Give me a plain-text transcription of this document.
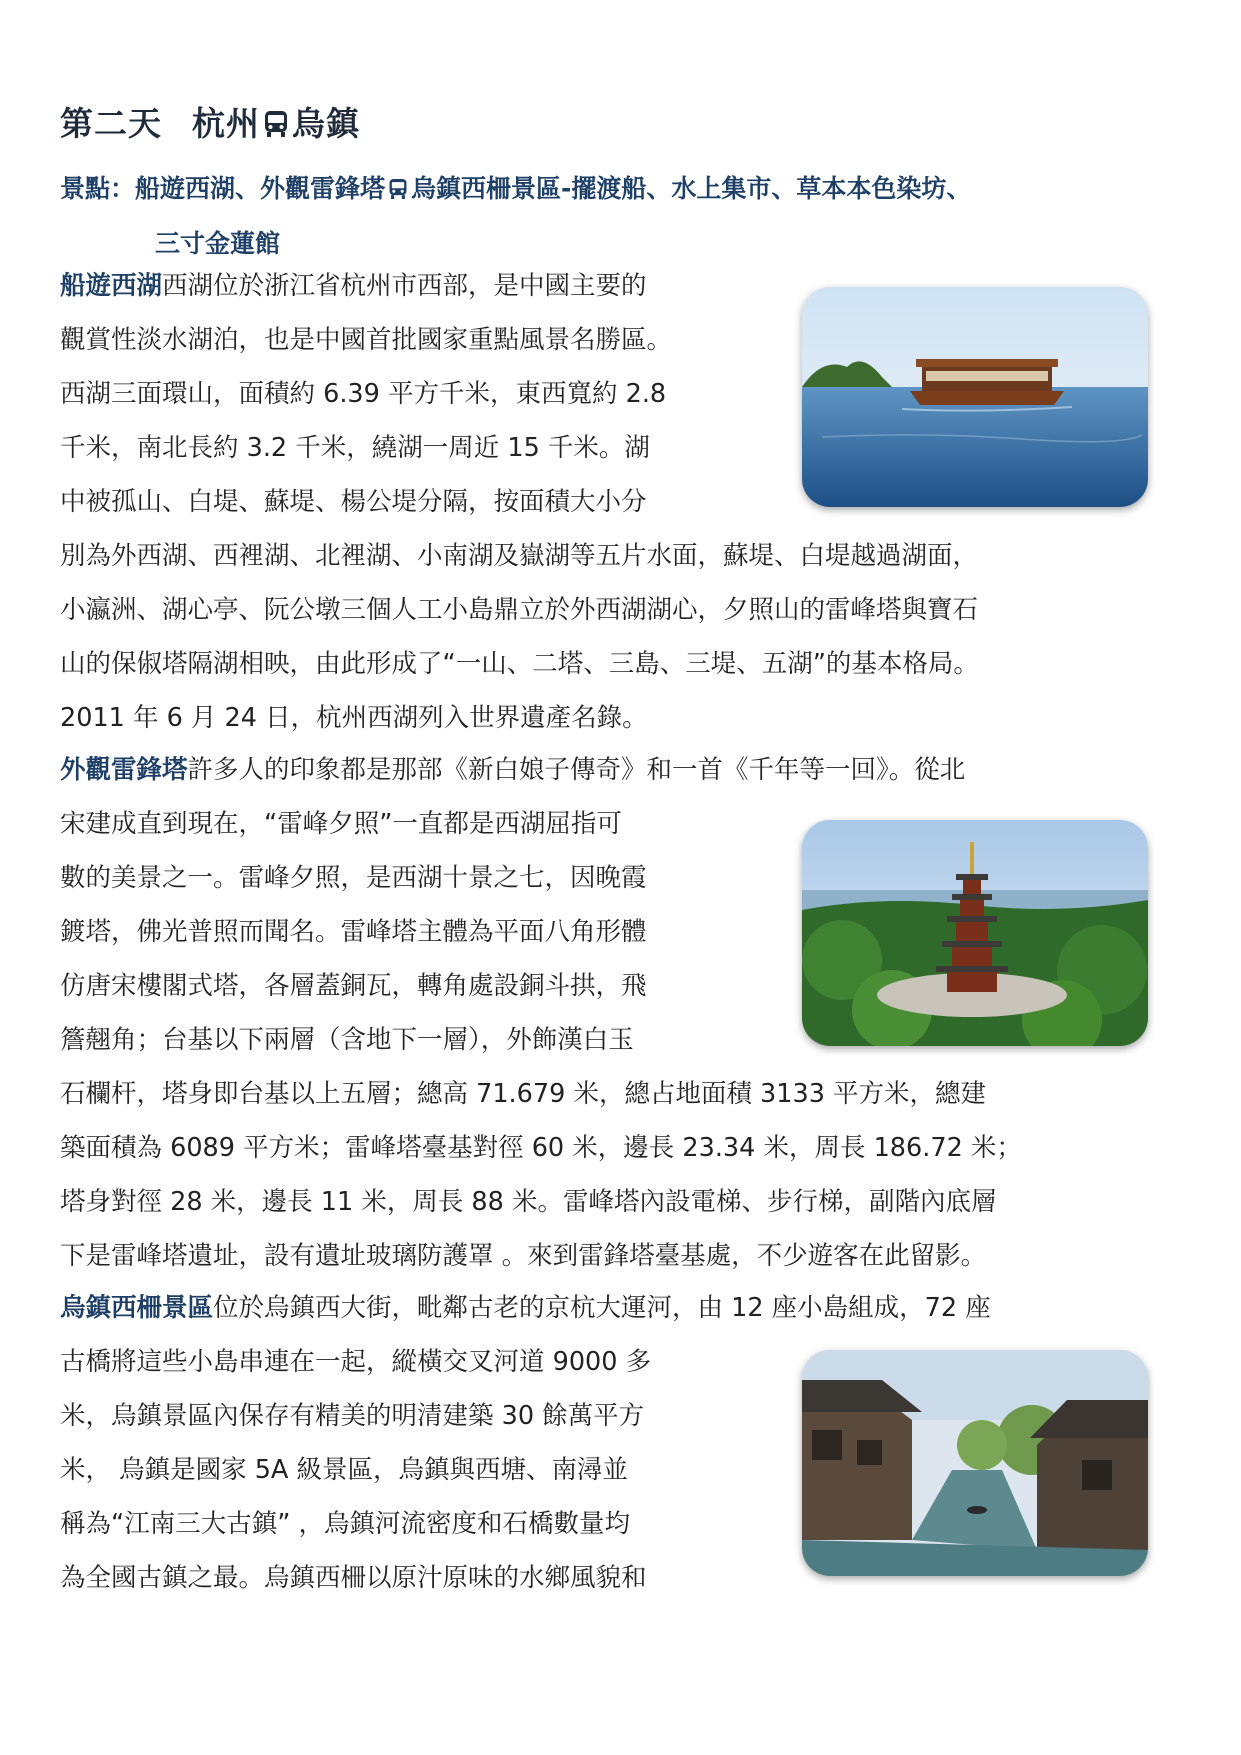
第二天 杭州 烏鎮
景點：船遊西湖、外觀雷鋒塔 烏鎮西柵景區-擺渡船、水上集市、草本本色染坊、
三寸金蓮館
船遊西湖西湖位於浙江省杭州市西部，是中國主要的
觀賞性淡水湖泊，也是中國首批國家重點風景名勝區。
西湖三面環山，面積約 6.39 平方千米，東西寬約 2.8
千米，南北長約 3.2 千米，繞湖一周近 15 千米。湖
中被孤山、白堤、蘇堤、楊公堤分隔，按面積大小分
別為外西湖、西裡湖、北裡湖、小南湖及嶽湖等五片水面，蘇堤、白堤越過湖面，
小瀛洲、湖心亭、阮公墩三個人工小島鼎立於外西湖湖心，夕照山的雷峰塔與寶石
山的保俶塔隔湖相映，由此形成了“一山、二塔、三島、三堤、五湖”的基本格局。
2011 年 6 月 24 日，杭州西湖列入世界遺產名錄。
外觀雷鋒塔許多人的印象都是那部《新白娘子傳奇》和一首《千年等一回》。從北
宋建成直到現在，“雷峰夕照”一直都是西湖屈指可
數的美景之一。雷峰夕照，是西湖十景之七，因晚霞
鍍塔，佛光普照而聞名。雷峰塔主體為平面八角形體
仿唐宋樓閣式塔，各層蓋銅瓦，轉角處設銅斗拱，飛
簷翹角；台基以下兩層（含地下一層），外飾漢白玉
石欄杆，塔身即台基以上五層；總高 71.679 米，總占地面積 3133 平方米，總建
築面積為 6089 平方米；雷峰塔臺基對徑 60 米，邊長 23.34 米，周長 186.72 米；
塔身對徑 28 米，邊長 11 米，周長 88 米。雷峰塔內設電梯、步行梯，副階內底層
下是雷峰塔遺址，設有遺址玻璃防護罩 。來到雷鋒塔臺基處，不少遊客在此留影。
烏鎮西柵景區位於烏鎮西大街，毗鄰古老的京杭大運河，由 12 座小島組成，72 座
古橋將這些小島串連在一起，縱橫交叉河道 9000 多
米，烏鎮景區內保存有精美的明清建築 30 餘萬平方
米， 烏鎮是國家 5A 級景區，烏鎮與西塘、南潯並
稱為“江南三大古鎮” ，烏鎮河流密度和石橋數量均
為全國古鎮之最。烏鎮西柵以原汁原味的水鄉風貌和
